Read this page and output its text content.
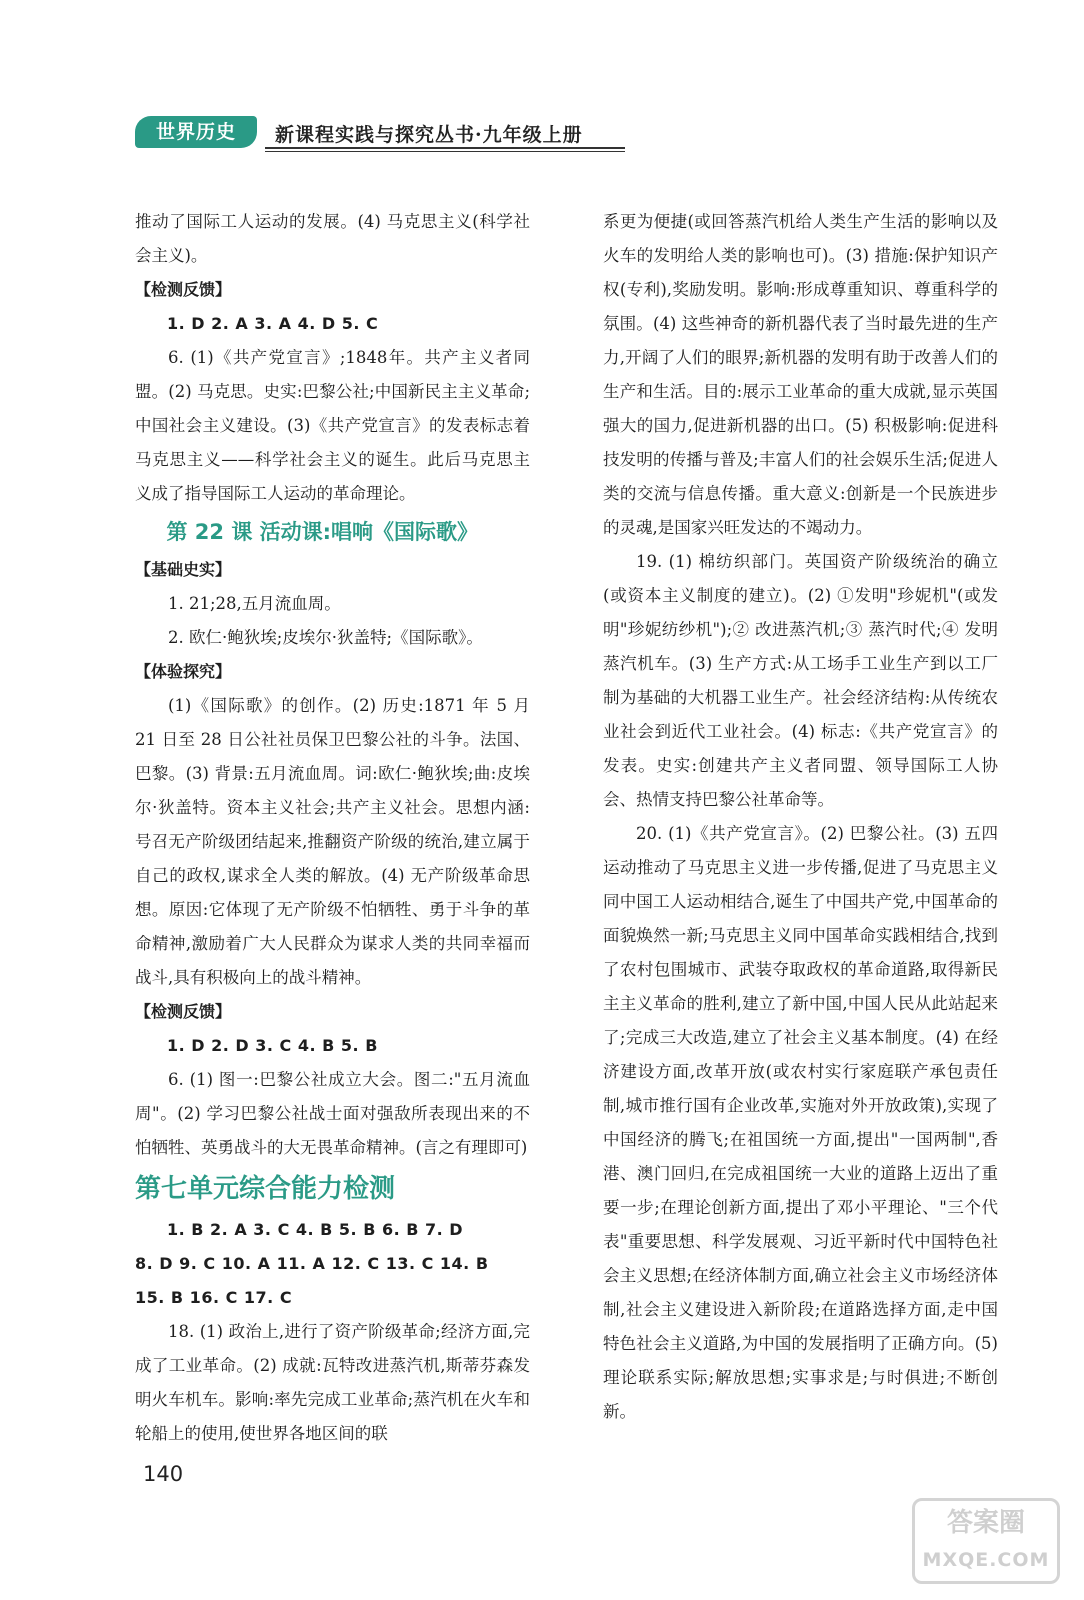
世界历史	新课程实践与探究丛书·九年级上册

推动了国际工人运动的发展。(4) 马克思主义(科学社会主义)。

【检测反馈】

1. D 2. A 3. A 4. D 5. C

6. (1)《共产党宣言》;1848年。共产主义者同盟。(2) 马克思。史实:巴黎公社;中国新民主主义革命;中国社会主义建设。(3)《共产党宣言》的发表标志着马克思主义——科学社会主义的诞生。此后马克思主义成了指导国际工人运动的革命理论。

第 22 课 活动课:唱响《国际歌》

【基础史实】

1. 21;28,五月流血周。

2. 欧仁·鲍狄埃;皮埃尔·狄盖特;《国际歌》。

【体验探究】

(1)《国际歌》的创作。(2) 历史:1871 年 5 月 21 日至 28 日公社社员保卫巴黎公社的斗争。法国、巴黎。(3) 背景:五月流血周。词:欧仁·鲍狄埃;曲:皮埃尔·狄盖特。资本主义社会;共产主义社会。思想内涵:号召无产阶级团结起来,推翻资产阶级的统治,建立属于自己的政权,谋求全人类的解放。(4) 无产阶级革命思想。原因:它体现了无产阶级不怕牺牲、勇于斗争的革命精神,激励着广大人民群众为谋求人类的共同幸福而战斗,具有积极向上的战斗精神。

【检测反馈】

1. D 2. D 3. C 4. B 5. B

6. (1) 图一:巴黎公社成立大会。图二:"五月流血周"。(2) 学习巴黎公社战士面对强敌所表现出来的不怕牺牲、英勇战斗的大无畏革命精神。(言之有理即可)

第七单元综合能力检测

1. B 2. A 3. C 4. B 5. B 6. B 7. D

8. D 9. C 10. A 11. A 12. C 13. C 14. B

15. B 16. C 17. C

18. (1) 政治上,进行了资产阶级革命;经济方面,完成了工业革命。(2) 成就:瓦特改进蒸汽机,斯蒂芬森发明火车机车。影响:率先完成工业革命;蒸汽机在火车和轮船上的使用,使世界各地区间的联

系更为便捷(或回答蒸汽机给人类生产生活的影响以及火车的发明给人类的影响也可)。(3) 措施:保护知识产权(专利),奖励发明。影响:形成尊重知识、尊重科学的氛围。(4) 这些神奇的新机器代表了当时最先进的生产力,开阔了人们的眼界;新机器的发明有助于改善人们的生产和生活。目的:展示工业革命的重大成就,显示英国强大的国力,促进新机器的出口。(5) 积极影响:促进科技发明的传播与普及;丰富人们的社会娱乐生活;促进人类的交流与信息传播。重大意义:创新是一个民族进步的灵魂,是国家兴旺发达的不竭动力。

19. (1) 棉纺织部门。英国资产阶级统治的确立(或资本主义制度的建立)。(2) ①发明"珍妮机"(或发明"珍妮纺纱机");② 改进蒸汽机;③ 蒸汽时代;④ 发明蒸汽机车。(3) 生产方式:从工场手工业生产到以工厂制为基础的大机器工业生产。社会经济结构:从传统农业社会到近代工业社会。(4) 标志:《共产党宣言》的发表。史实:创建共产主义者同盟、领导国际工人协会、热情支持巴黎公社革命等。

20. (1)《共产党宣言》。(2) 巴黎公社。(3) 五四运动推动了马克思主义进一步传播,促进了马克思主义同中国工人运动相结合,诞生了中国共产党,中国革命的面貌焕然一新;马克思主义同中国革命实践相结合,找到了农村包围城市、武装夺取政权的革命道路,取得新民主主义革命的胜利,建立了新中国,中国人民从此站起来了;完成三大改造,建立了社会主义基本制度。(4) 在经济建设方面,改革开放(或农村实行家庭联产承包责任制,城市推行国有企业改革,实施对外开放政策),实现了中国经济的腾飞;在祖国统一方面,提出"一国两制",香港、澳门回归,在完成祖国统一大业的道路上迈出了重要一步;在理论创新方面,提出了邓小平理论、"三个代表"重要思想、科学发展观、习近平新时代中国特色社会主义思想;在经济体制方面,确立社会主义市场经济体制,社会主义建设进入新阶段;在道路选择方面,走中国特色社会主义道路,为中国的发展指明了正确方向。(5) 理论联系实际;解放思想;实事求是;与时俱进;不断创新。

140
答案圈
MXQE.COM
